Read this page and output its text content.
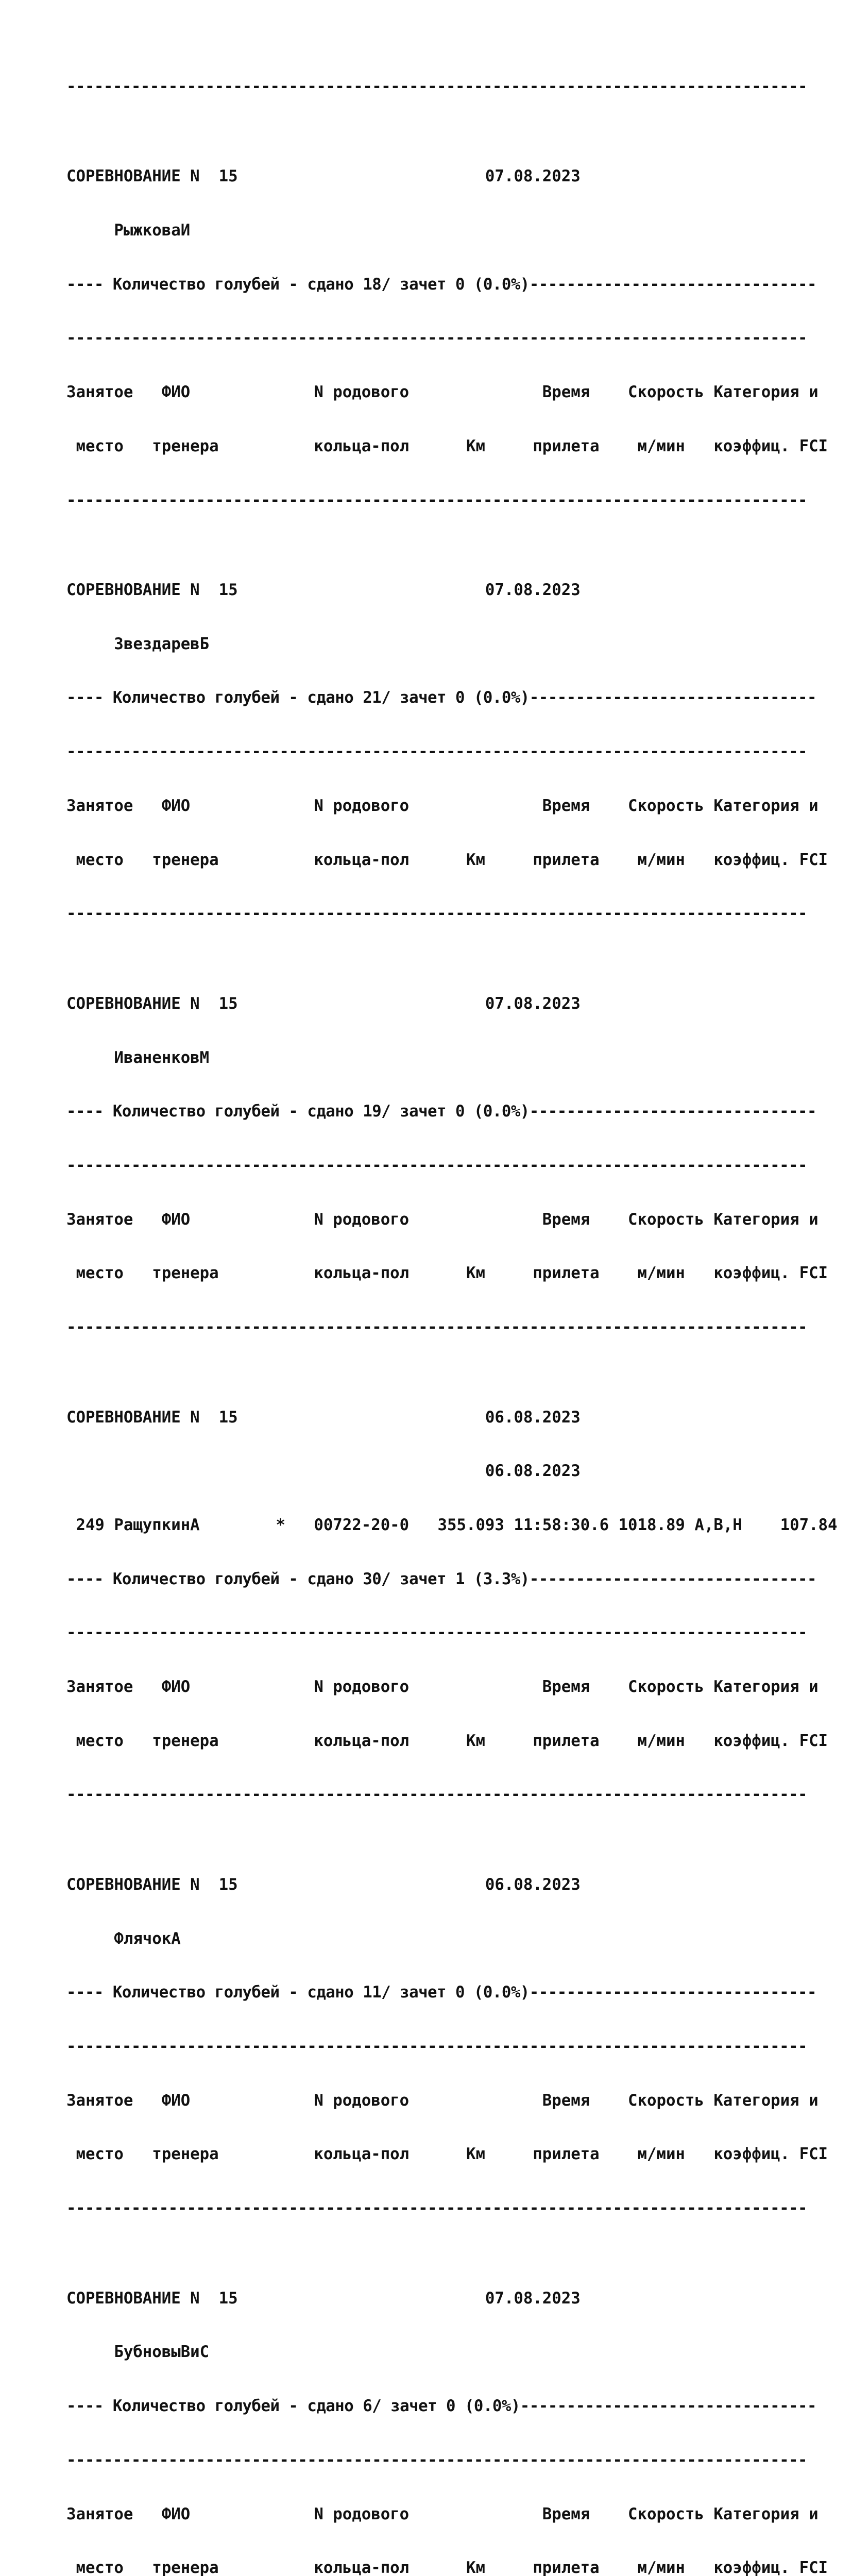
--------------------------------------------------------------------------------

СОРЕВНОВАНИЕ N  15                          07.08.2023

РыжковаИ

---- Количество голубей - сдано 18/ зачет 0 (0.0%)-------------------------------

--------------------------------------------------------------------------------

Занятое   ФИО             N родового              Время    Скорость Категория и

место   тренера          кольца-пол      Км     прилета    м/мин   коэффиц. FCI

--------------------------------------------------------------------------------

СОРЕВНОВАНИЕ N  15                          07.08.2023

ЗвездаревБ

---- Количество голубей - сдано 21/ зачет 0 (0.0%)-------------------------------

--------------------------------------------------------------------------------

Занятое   ФИО             N родового              Время    Скорость Категория и

место   тренера          кольца-пол      Км     прилета    м/мин   коэффиц. FCI

--------------------------------------------------------------------------------

СОРЕВНОВАНИЕ N  15                          07.08.2023

ИваненковМ

---- Количество голубей - сдано 19/ зачет 0 (0.0%)-------------------------------

--------------------------------------------------------------------------------

Занятое   ФИО             N родового              Время    Скорость Категория и

место   тренера          кольца-пол      Км     прилета    м/мин   коэффиц. FCI

--------------------------------------------------------------------------------

СОРЕВНОВАНИЕ N  15                          06.08.2023

06.08.2023

249 РащупкинА        *   00722-20-0   355.093 11:58:30.6 1018.89 A,B,H    107.84

---- Количество голубей - сдано 30/ зачет 1 (3.3%)-------------------------------

--------------------------------------------------------------------------------

Занятое   ФИО             N родового              Время    Скорость Категория и

место   тренера          кольца-пол      Км     прилета    м/мин   коэффиц. FCI

--------------------------------------------------------------------------------

СОРЕВНОВАНИЕ N  15                          06.08.2023

ФлячокА

---- Количество голубей - сдано 11/ зачет 0 (0.0%)-------------------------------

--------------------------------------------------------------------------------

Занятое   ФИО             N родового              Время    Скорость Категория и

место   тренера          кольца-пол      Км     прилета    м/мин   коэффиц. FCI

--------------------------------------------------------------------------------

СОРЕВНОВАНИЕ N  15                          07.08.2023

БубновыВиС

---- Количество голубей - сдано 6/ зачет 0 (0.0%)--------------------------------

--------------------------------------------------------------------------------

Занятое   ФИО             N родового              Время    Скорость Категория и

место   тренера          кольца-пол      Км     прилета    м/мин   коэффиц. FCI
